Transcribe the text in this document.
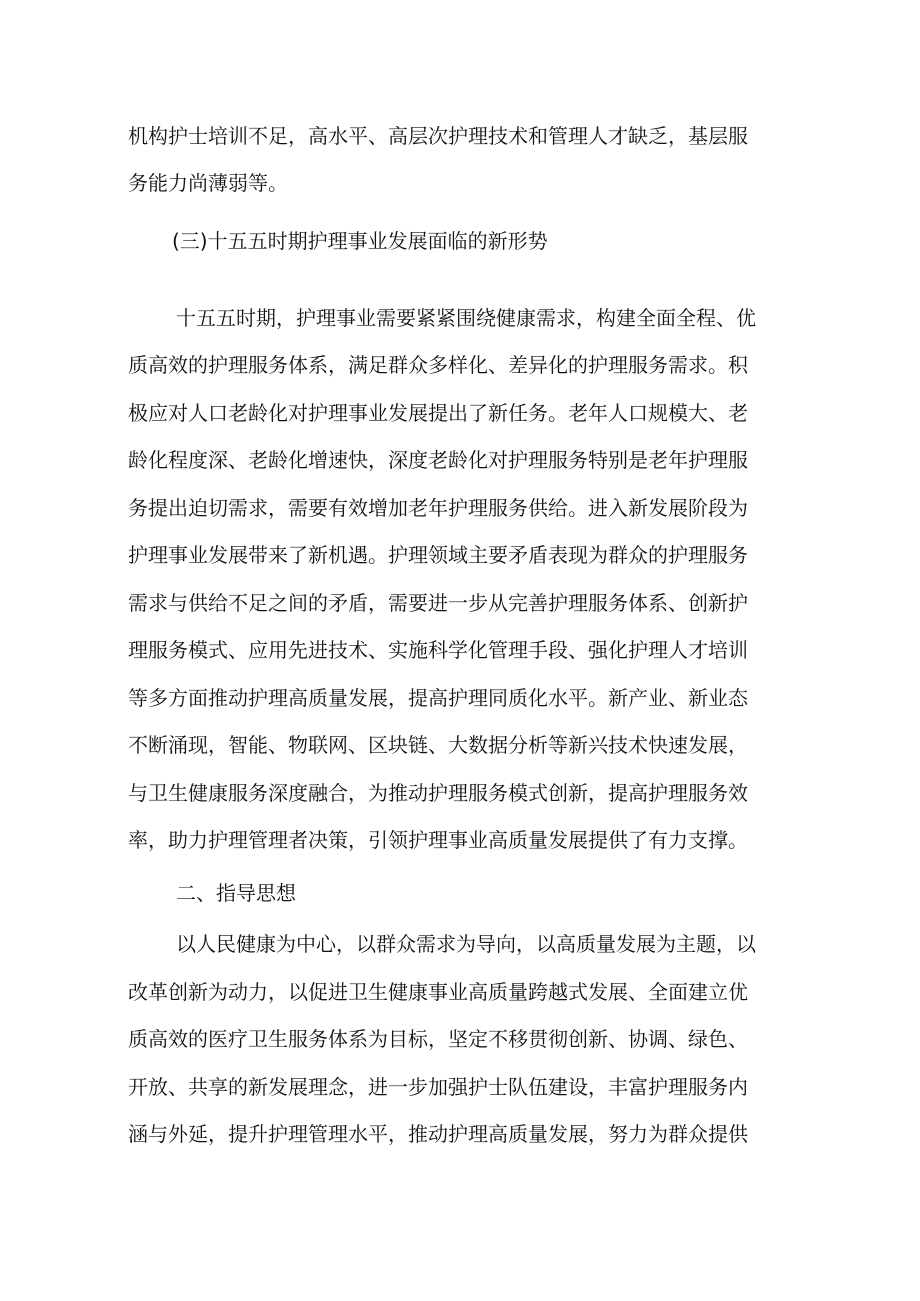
机构护士培训不足，高水平、高层次护理技术和管理人才缺乏，基层服

务能力尚薄弱等。

(三)十五五时期护理事业发展面临的新形势

十五五时期，护理事业需要紧紧围绕健康需求，构建全面全程、优

质高效的护理服务体系，满足群众多样化、差异化的护理服务需求。积

极应对人口老龄化对护理事业发展提出了新任务。老年人口规模大、老

龄化程度深、老龄化增速快，深度老龄化对护理服务特别是老年护理服

务提出迫切需求，需要有效增加老年护理服务供给。进入新发展阶段为

护理事业发展带来了新机遇。护理领域主要矛盾表现为群众的护理服务

需求与供给不足之间的矛盾，需要进一步从完善护理服务体系、创新护

理服务模式、应用先进技术、实施科学化管理手段、强化护理人才培训

等多方面推动护理高质量发展，提高护理同质化水平。新产业、新业态

不断涌现，智能、物联网、区块链、大数据分析等新兴技术快速发展，

与卫生健康服务深度融合，为推动护理服务模式创新，提高护理服务效

率，助力护理管理者决策，引领护理事业高质量发展提供了有力支撑。

二、指导思想

以人民健康为中心，以群众需求为导向，以高质量发展为主题，以

改革创新为动力，以促进卫生健康事业高质量跨越式发展、全面建立优

质高效的医疗卫生服务体系为目标，坚定不移贯彻创新、协调、绿色、

开放、共享的新发展理念，进一步加强护士队伍建设，丰富护理服务内

涵与外延，提升护理管理水平，推动护理高质量发展，努力为群众提供
